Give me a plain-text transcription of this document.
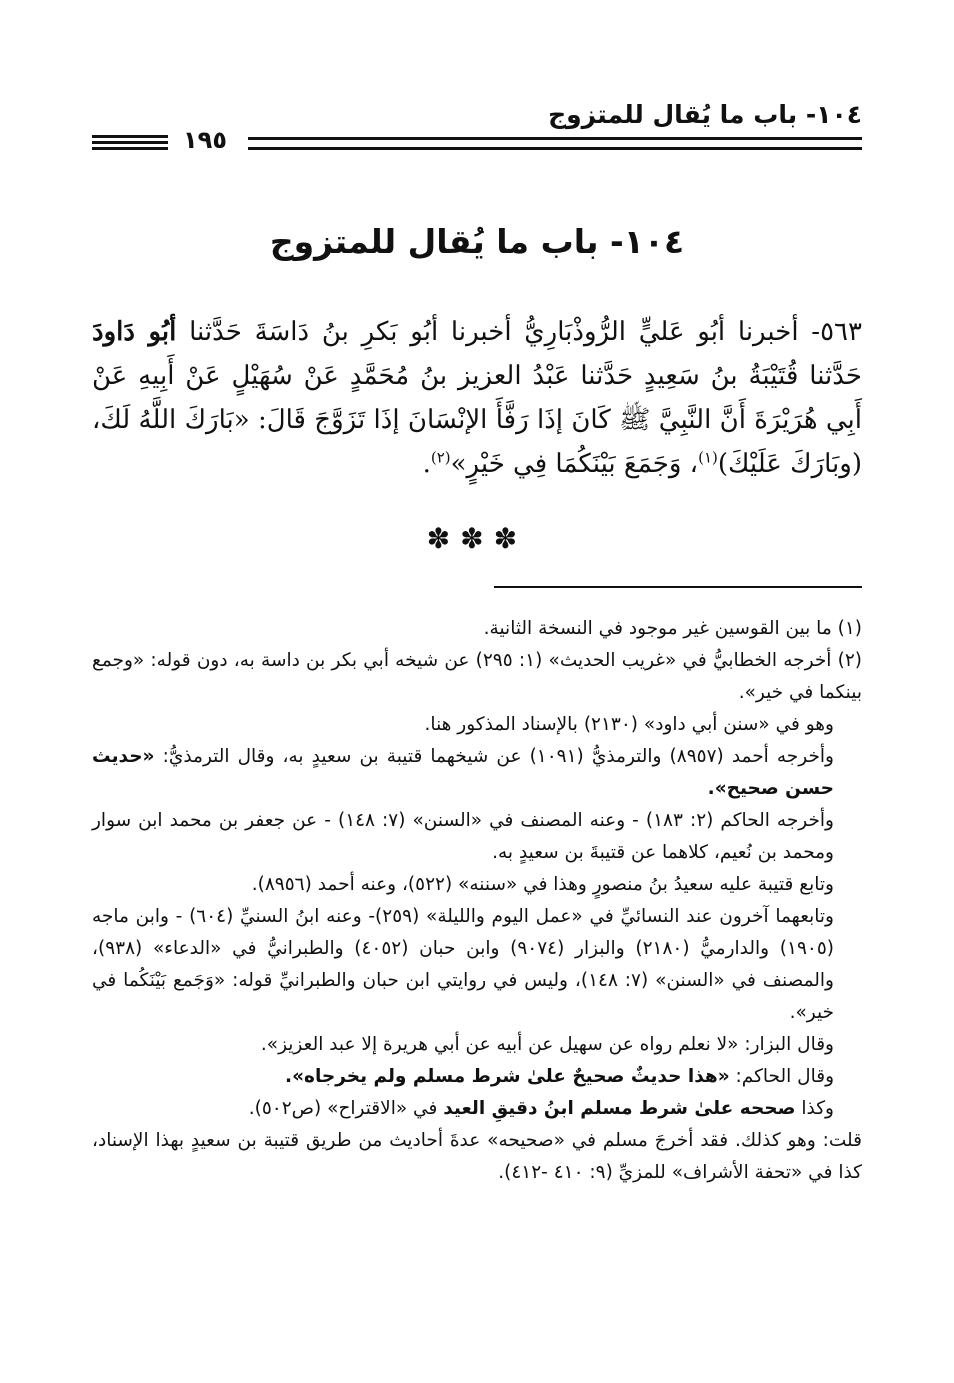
١٠٤- باب ما يُقال للمتزوج
١٩٥
١٠٤- باب ما يُقال للمتزوج
٥٦٣- أخبرنا أبُو عَليٍّ الرُّوذْبَارِيُّ أخبرنا أبُو بَكرِ بنُ دَاسَةَ حَدَّثنا أبُو دَاودَ حَدَّثنا قُتَيْبَةُ بنُ سَعِيدٍ حَدَّثنا عَبْدُ العزيز بنُ مُحَمَّدٍ عَنْ سُهَيْلٍ عَنْ أَبِيهِ عَنْ أَبِي هُرَيْرَةَ أَنَّ النَّبِيَّ ﷺ كَانَ إذَا رَفَّأَ الإنْسَانَ إذَا تَزَوَّجَ قَالَ: «بَارَكَ اللَّهُ لَكَ، (وبَارَكَ عَلَيْكَ)$^{(١)}$، وَجَمَعَ بَيْنَكُمَا فِي خَيْرٍ»$^{(٢)}$.
✽✽✽

(١) ما بين القوسين غير موجود في النسخة الثانية.

(٢) أخرجه الخطابيُّ في «غريب الحديث» (١: ٢٩٥) عن شيخه أبي بكر بن داسة به، دون قوله: «وجمع بينكما في خير».

وهو في «سنن أبي داود» (٢١٣٠) بالإسناد المذكور هنا.

وأخرجه أحمد (٨٩٥٧) والترمذيُّ (١٠٩١) عن شيخهما قتيبة بن سعيدٍ به، وقال الترمذيُّ: «حديث حسن صحيح».

وأخرجه الحاكم (٢: ١٨٣) - وعنه المصنف في «السنن» (٧: ١٤٨) - عن جعفر بن محمد ابن سوار ومحمد بن نُعيم، كلاهما عن قتيبةَ بن سعيدٍ به.

وتابع قتيبة عليه سعيدُ بنُ منصورٍ وهذا في «سننه» (٥٢٢)، وعنه أحمد (٨٩٥٦).

وتابعهما آخرون عند النسائيِّ في «عمل اليوم والليلة» (٢٥٩)- وعنه ابنُ السنيِّ (٦٠٤) - وابن ماجه (١٩٠٥) والدارميُّ (٢١٨٠) والبزار (٩٠٧٤) وابن حبان (٤٠٥٢) والطبرانيُّ في «الدعاء» (٩٣٨)، والمصنف في «السنن» (٧: ١٤٨)، وليس في روايتي ابن حبان والطبرانيِّ قوله: «وَجَمع بَيْنَكُما في خير».

وقال البزار: «لا نعلم رواه عن سهيل عن أبيه عن أبي هريرة إلا عبد العزيز».

وقال الحاكم: «هذا حديثٌ صحيحٌ علىٰ شرط مسلم ولم يخرجاه».

وكذا صححه علىٰ شرط مسلم ابنُ دقيقِ العيد في «الاقتراح» (ص٥٠٢).

قلت: وهو كذلك. فقد أخرجَ مسلم في «صحيحه» عدةَ أحاديث من طريق قتيبة بن سعيدٍ بهذا الإسناد، كذا في «تحفة الأشراف» للمزيِّ (٩: ٤١٠ -٤١٢).
